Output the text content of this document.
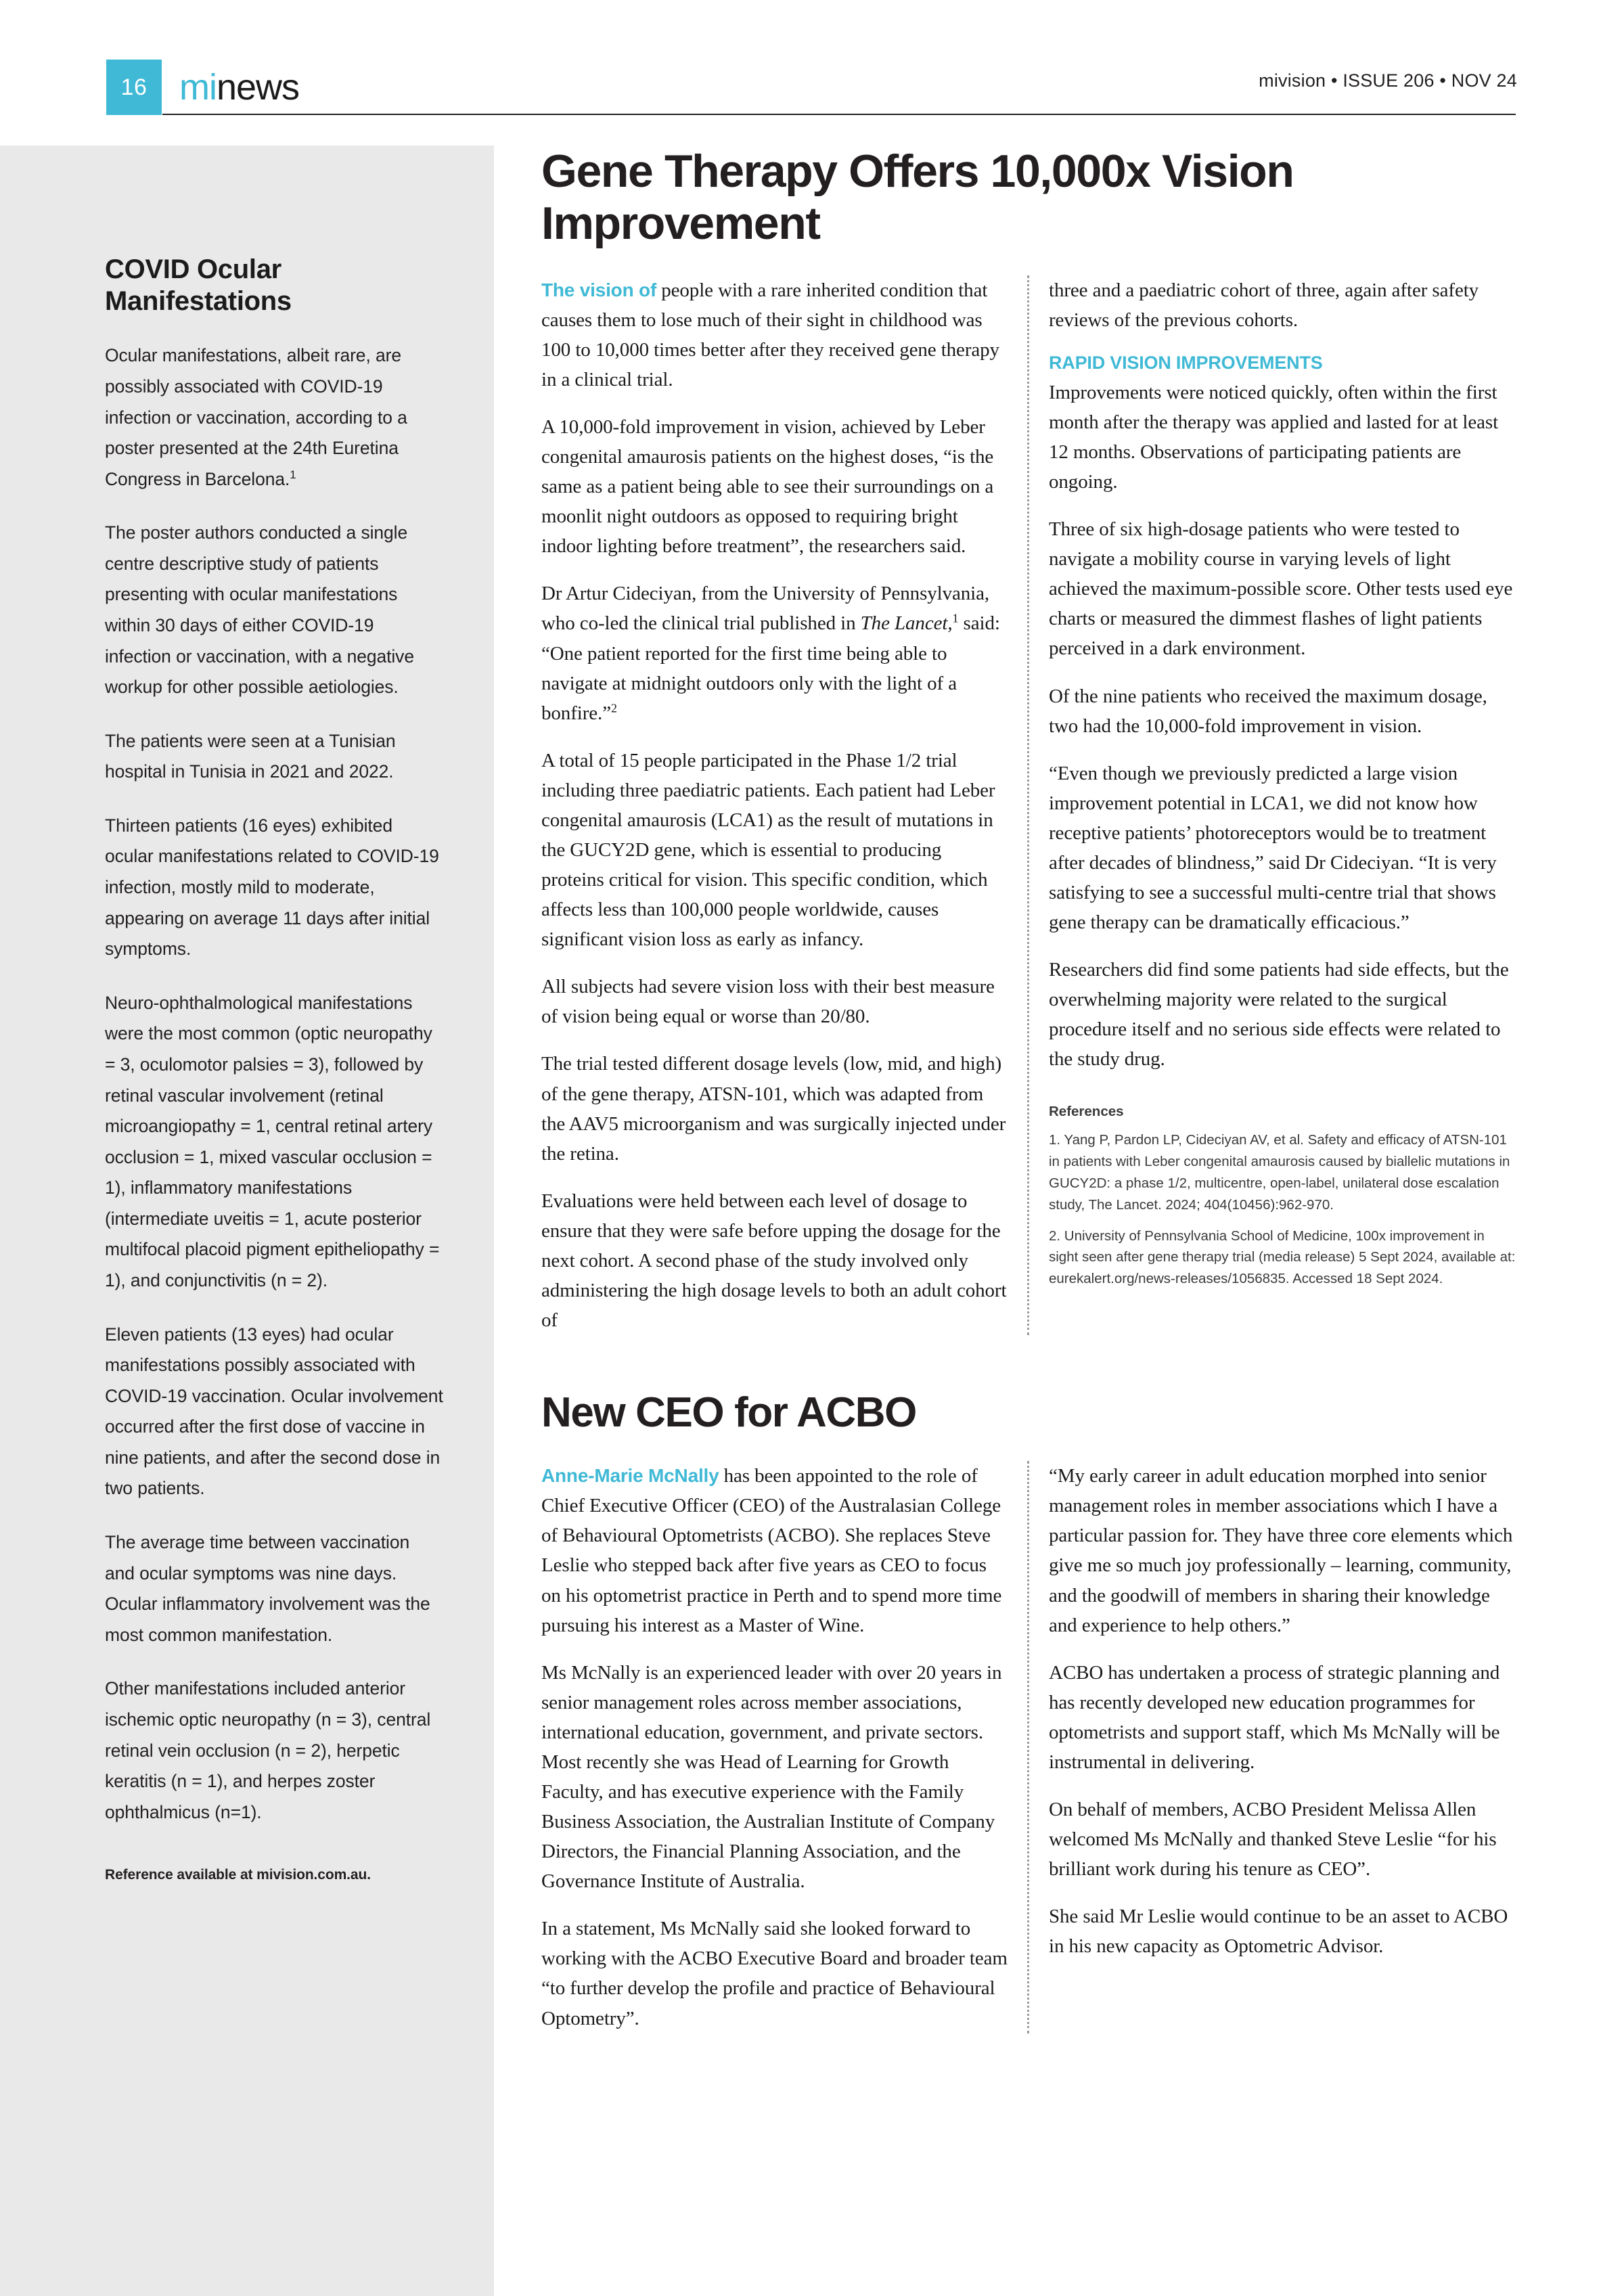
16 minews	mivision • ISSUE 206 • NOV 24
COVID Ocular Manifestations

Ocular manifestations, albeit rare, are possibly associated with COVID-19 infection or vaccination, according to a poster presented at the 24th Euretina Congress in Barcelona.$^1$

The poster authors conducted a single centre descriptive study of patients presenting with ocular manifestations within 30 days of either COVID-19 infection or vaccination, with a negative workup for other possible aetiologies.

The patients were seen at a Tunisian hospital in Tunisia in 2021 and 2022.

Thirteen patients (16 eyes) exhibited ocular manifestations related to COVID-19 infection, mostly mild to moderate, appearing on average 11 days after initial symptoms.

Neuro-ophthalmological manifestations were the most common (optic neuropathy = 3, oculomotor palsies = 3), followed by retinal vascular involvement (retinal microangiopathy = 1, central retinal artery occlusion = 1, mixed vascular occlusion = 1), inflammatory manifestations (intermediate uveitis = 1, acute posterior multifocal placoid pigment epitheliopathy = 1), and conjunctivitis (n = 2).

Eleven patients (13 eyes) had ocular manifestations possibly associated with COVID-19 vaccination. Ocular involvement occurred after the first dose of vaccine in nine patients, and after the second dose in two patients.

The average time between vaccination and ocular symptoms was nine days. Ocular inflammatory involvement was the most common manifestation.

Other manifestations included anterior ischemic optic neuropathy (n = 3), central retinal vein occlusion (n = 2), herpetic keratitis (n = 1), and herpes zoster ophthalmicus (n=1).

Reference available at mivision.com.au.

Gene Therapy Offers 10,000x Vision Improvement

The vision of people with a rare inherited condition that causes them to lose much of their sight in childhood was 100 to 10,000 times better after they received gene therapy in a clinical trial.

A 10,000-fold improvement in vision, achieved by Leber congenital amaurosis patients on the highest doses, “is the same as a patient being able to see their surroundings on a moonlit night outdoors as opposed to requiring bright indoor lighting before treatment”, the researchers said.

Dr Artur Cideciyan, from the University of Pennsylvania, who co-led the clinical trial published in The Lancet,$^1$ said: “One patient reported for the first time being able to navigate at midnight outdoors only with the light of a bonfire.”$^2$

A total of 15 people participated in the Phase 1/2 trial including three paediatric patients. Each patient had Leber congenital amaurosis (LCA1) as the result of mutations in the GUCY2D gene, which is essential to producing proteins critical for vision. This specific condition, which affects less than 100,000 people worldwide, causes significant vision loss as early as infancy.

All subjects had severe vision loss with their best measure of vision being equal or worse than 20/80.

The trial tested different dosage levels (low, mid, and high) of the gene therapy, ATSN-101, which was adapted from the AAV5 microorganism and was surgically injected under the retina.

Evaluations were held between each level of dosage to ensure that they were safe before upping the dosage for the next cohort. A second phase of the study involved only administering the high dosage levels to both an adult cohort of

three and a paediatric cohort of three, again after safety reviews of the previous cohorts.

RAPID VISION IMPROVEMENTS

Improvements were noticed quickly, often within the first month after the therapy was applied and lasted for at least 12 months. Observations of participating patients are ongoing.

Three of six high-dosage patients who were tested to navigate a mobility course in varying levels of light achieved the maximum-possible score. Other tests used eye charts or measured the dimmest flashes of light patients perceived in a dark environment.

Of the nine patients who received the maximum dosage, two had the 10,000-fold improvement in vision.

“Even though we previously predicted a large vision improvement potential in LCA1, we did not know how receptive patients’ photoreceptors would be to treatment after decades of blindness,” said Dr Cideciyan. “It is very satisfying to see a successful multi-centre trial that shows gene therapy can be dramatically efficacious.”

Researchers did find some patients had side effects, but the overwhelming majority were related to the surgical procedure itself and no serious side effects were related to the study drug.

References

1. Yang P, Pardon LP, Cideciyan AV, et al. Safety and efficacy of ATSN-101 in patients with Leber congenital amaurosis caused by biallelic mutations in GUCY2D: a phase 1/2, multicentre, open-label, unilateral dose escalation study, The Lancet. 2024; 404(10456):962-970.

2. University of Pennsylvania School of Medicine, 100x improvement in sight seen after gene therapy trial (media release) 5 Sept 2024, available at: eurekalert.org/news-releases/1056835. Accessed 18 Sept 2024.

New CEO for ACBO

Anne-Marie McNally has been appointed to the role of Chief Executive Officer (CEO) of the Australasian College of Behavioural Optometrists (ACBO). She replaces Steve Leslie who stepped back after five years as CEO to focus on his optometrist practice in Perth and to spend more time pursuing his interest as a Master of Wine.

Ms McNally is an experienced leader with over 20 years in senior management roles across member associations, international education, government, and private sectors. Most recently she was Head of Learning for Growth Faculty, and has executive experience with the Family Business Association, the Australian Institute of Company Directors, the Financial Planning Association, and the Governance Institute of Australia.

In a statement, Ms McNally said she looked forward to working with the ACBO Executive Board and broader team “to further develop the profile and practice of Behavioural Optometry”.

“My early career in adult education morphed into senior management roles in member associations which I have a particular passion for. They have three core elements which give me so much joy professionally – learning, community, and the goodwill of members in sharing their knowledge and experience to help others.”

ACBO has undertaken a process of strategic planning and has recently developed new education programmes for optometrists and support staff, which Ms McNally will be instrumental in delivering.

On behalf of members, ACBO President Melissa Allen welcomed Ms McNally and thanked Steve Leslie “for his brilliant work during his tenure as CEO”.

She said Mr Leslie would continue to be an asset to ACBO in his new capacity as Optometric Advisor.
